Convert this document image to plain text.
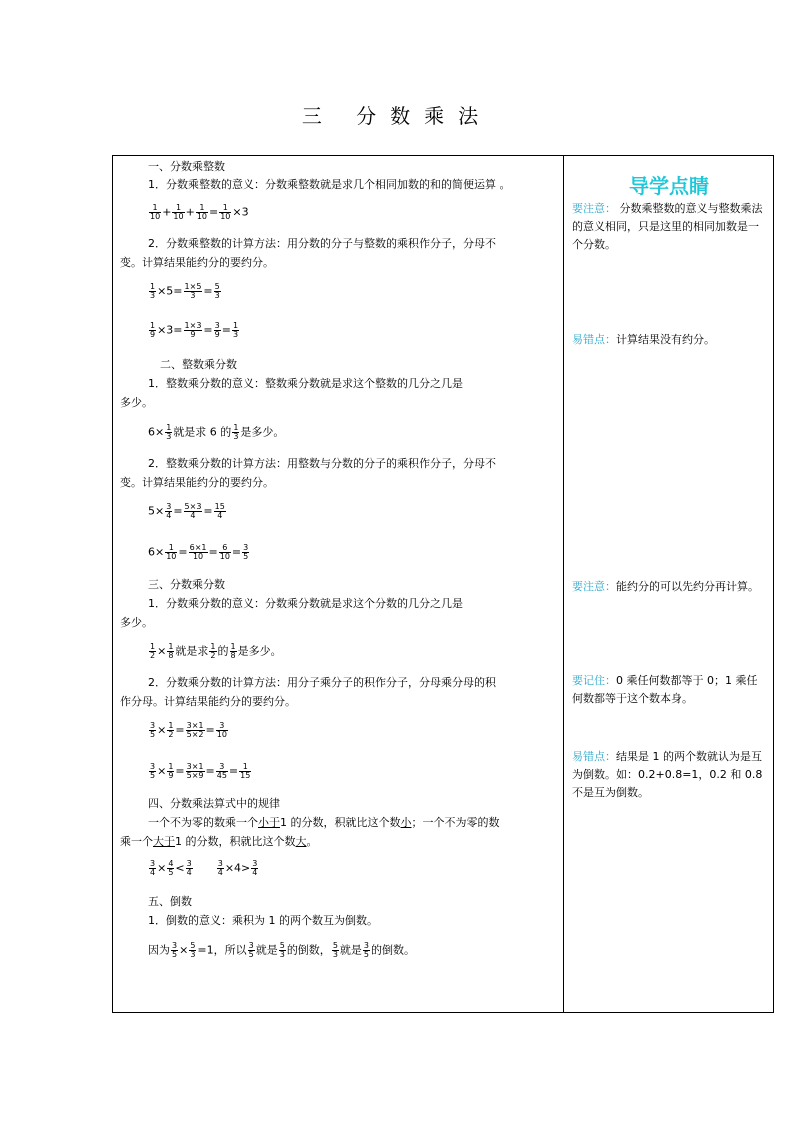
三 分数乘法
一、分数乘整数
1．分数乘整数的意义：分数乘整数就是求几个相同加数的和的简便运算 。
$\frac{1}{10} + \frac{1}{10} + \frac{1}{10} = \frac{1}{10} \times 3$
2．分数乘整数的计算方法：用分数的分子与整数的乘积作分子，分母不
变。计算结果能约分的要约分。
$\frac{1}{3} \times 5= \frac{1\times 5}{3} = \frac{5}{3}$
$\frac{1}{9} \times 3= \frac{1\times 3}{9} = \frac{3}{9} = \frac{1}{3}$
二、整数乘分数
1．整数乘分数的意义：整数乘分数就是求这个整数的几分之几是
多少。
$6\times \frac{1}{3}$ 就是求 6 的 $\frac{1}{3}$ 是多少。
2．整数乘分数的计算方法：用整数与分数的分子的乘积作分子，分母不
变。计算结果能约分的要约分。
$5\times \frac{3}{4} = \frac{5\times 3}{4} = \frac{15}{4}$
$6\times \frac{1}{10} = \frac{6\times 1}{10} = \frac{6}{10} = \frac{3}{5}$
三、分数乘分数
1．分数乘分数的意义：分数乘分数就是求这个分数的几分之几是
多少。
$\frac{1}{2} \times \frac{1}{8}$ 就是求 $\frac{1}{2}$ 的 $\frac{1}{8}$ 是多少。
2．分数乘分数的计算方法：用分子乘分子的积作分子，分母乘分母的积
作分母。计算结果能约分的要约分。
$\frac{3}{5} \times \frac{1}{2} = \frac{3\times 1}{5\times 2} = \frac{3}{10}$
$\frac{3}{5} \times \frac{1}{9} = \frac{3\times 1}{5\times 9} = \frac{3}{45} = \frac{1}{15}$
四、分数乘法算式中的规律
一个不为零的数乘一个小于1 的分数，积就比这个数小；一个不为零的数
乘一个大于1 的分数，积就比这个数大。
$\frac{3}{4} \times \frac{4}{5} < \frac{3}{4}$	$\frac{3}{4} \times 4> \frac{3}{4}$
五、倒数
1．倒数的意义：乘积为 1 的两个数互为倒数。
因为 $\frac{3}{5} \times \frac{5}{3} =1$，所以 $\frac{3}{5}$ 就是 $\frac{5}{3}$ 的倒数， $\frac{5}{3}$ 就是 $\frac{3}{5}$ 的倒数。
导学点睛
要注意： 分数乘整数的意义与整数乘法的意义相同，只是这里的相同加数是一个分数。
易错点：计算结果没有约分。
要注意：能约分的可以先约分再计算。
要记住：0 乘任何数都等于 0；1 乘任何数都等于这个数本身。
易错点：结果是 1 的两个数就认为是互为倒数。如：0.2+0.8=1，0.2 和 0.8 不是互为倒数。
